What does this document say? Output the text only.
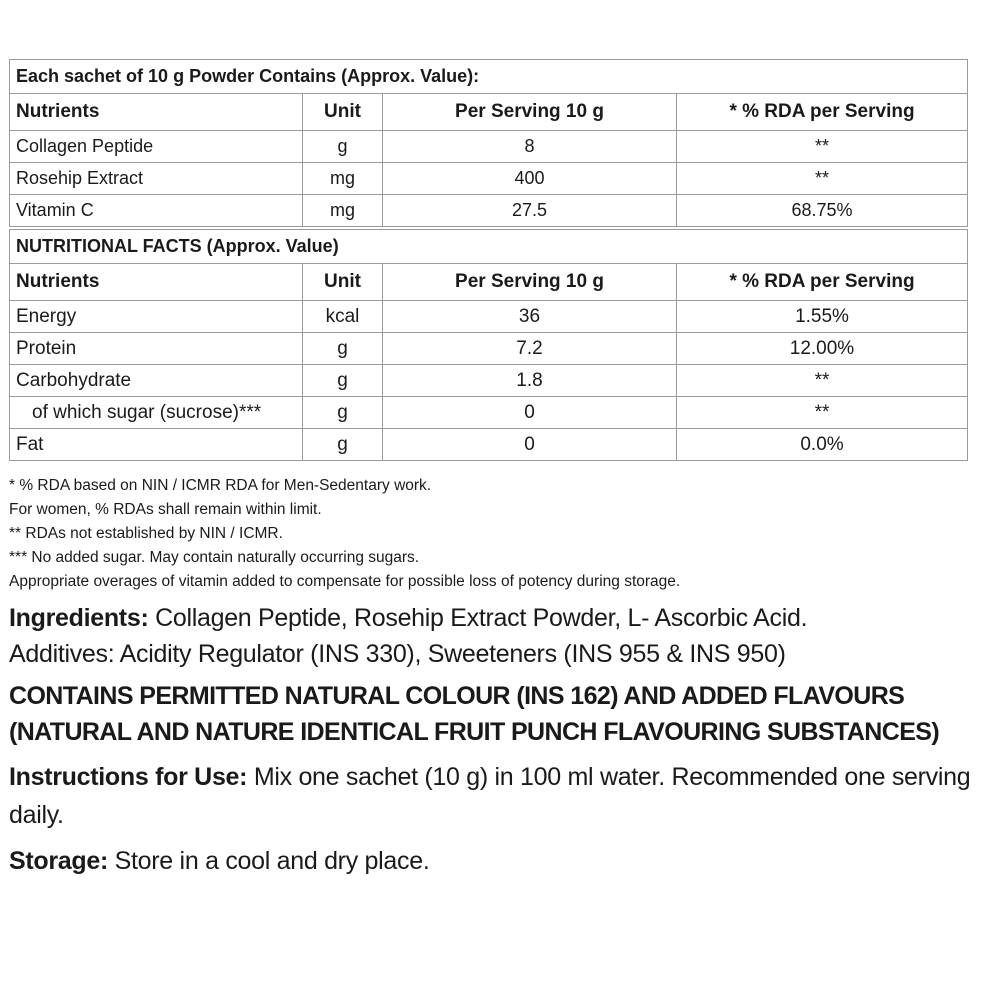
Each sachet of 10 g Powder Contains (Approx. Value):			
Nutrients	Unit	Per Serving 10 g	* % RDA per Serving
Collagen Peptide	g	8	**
Rosehip Extract	mg	400	**
Vitamin C	mg	27.5	68.75%
NUTRITIONAL FACTS (Approx. Value)			
Nutrients	Unit	Per Serving 10 g	* % RDA per Serving
Energy	kcal	36	1.55%
Protein	g	7.2	12.00%
Carbohydrate	g	1.8	**
of which sugar (sucrose)***	g	0	**
Fat	g	0	0.0%
* % RDA based on NIN / ICMR RDA for Men-Sedentary work.
For women, % RDAs shall remain within limit.
** RDAs not established by NIN / ICMR.
*** No added sugar. May contain naturally occurring sugars.
Appropriate overages of vitamin added to compensate for possible loss of potency during storage.
Ingredients: Collagen Peptide, Rosehip Extract Powder, L- Ascorbic Acid.
Additives: Acidity Regulator (INS 330), Sweeteners (INS 955 & INS 950)
CONTAINS PERMITTED NATURAL COLOUR (INS 162) AND ADDED FLAVOURS
(NATURAL AND NATURE IDENTICAL FRUIT PUNCH FLAVOURING SUBSTANCES)
Instructions for Use: Mix one sachet (10 g) in 100 ml water. Recommended one serving daily.
Storage: Store in a cool and dry place.
